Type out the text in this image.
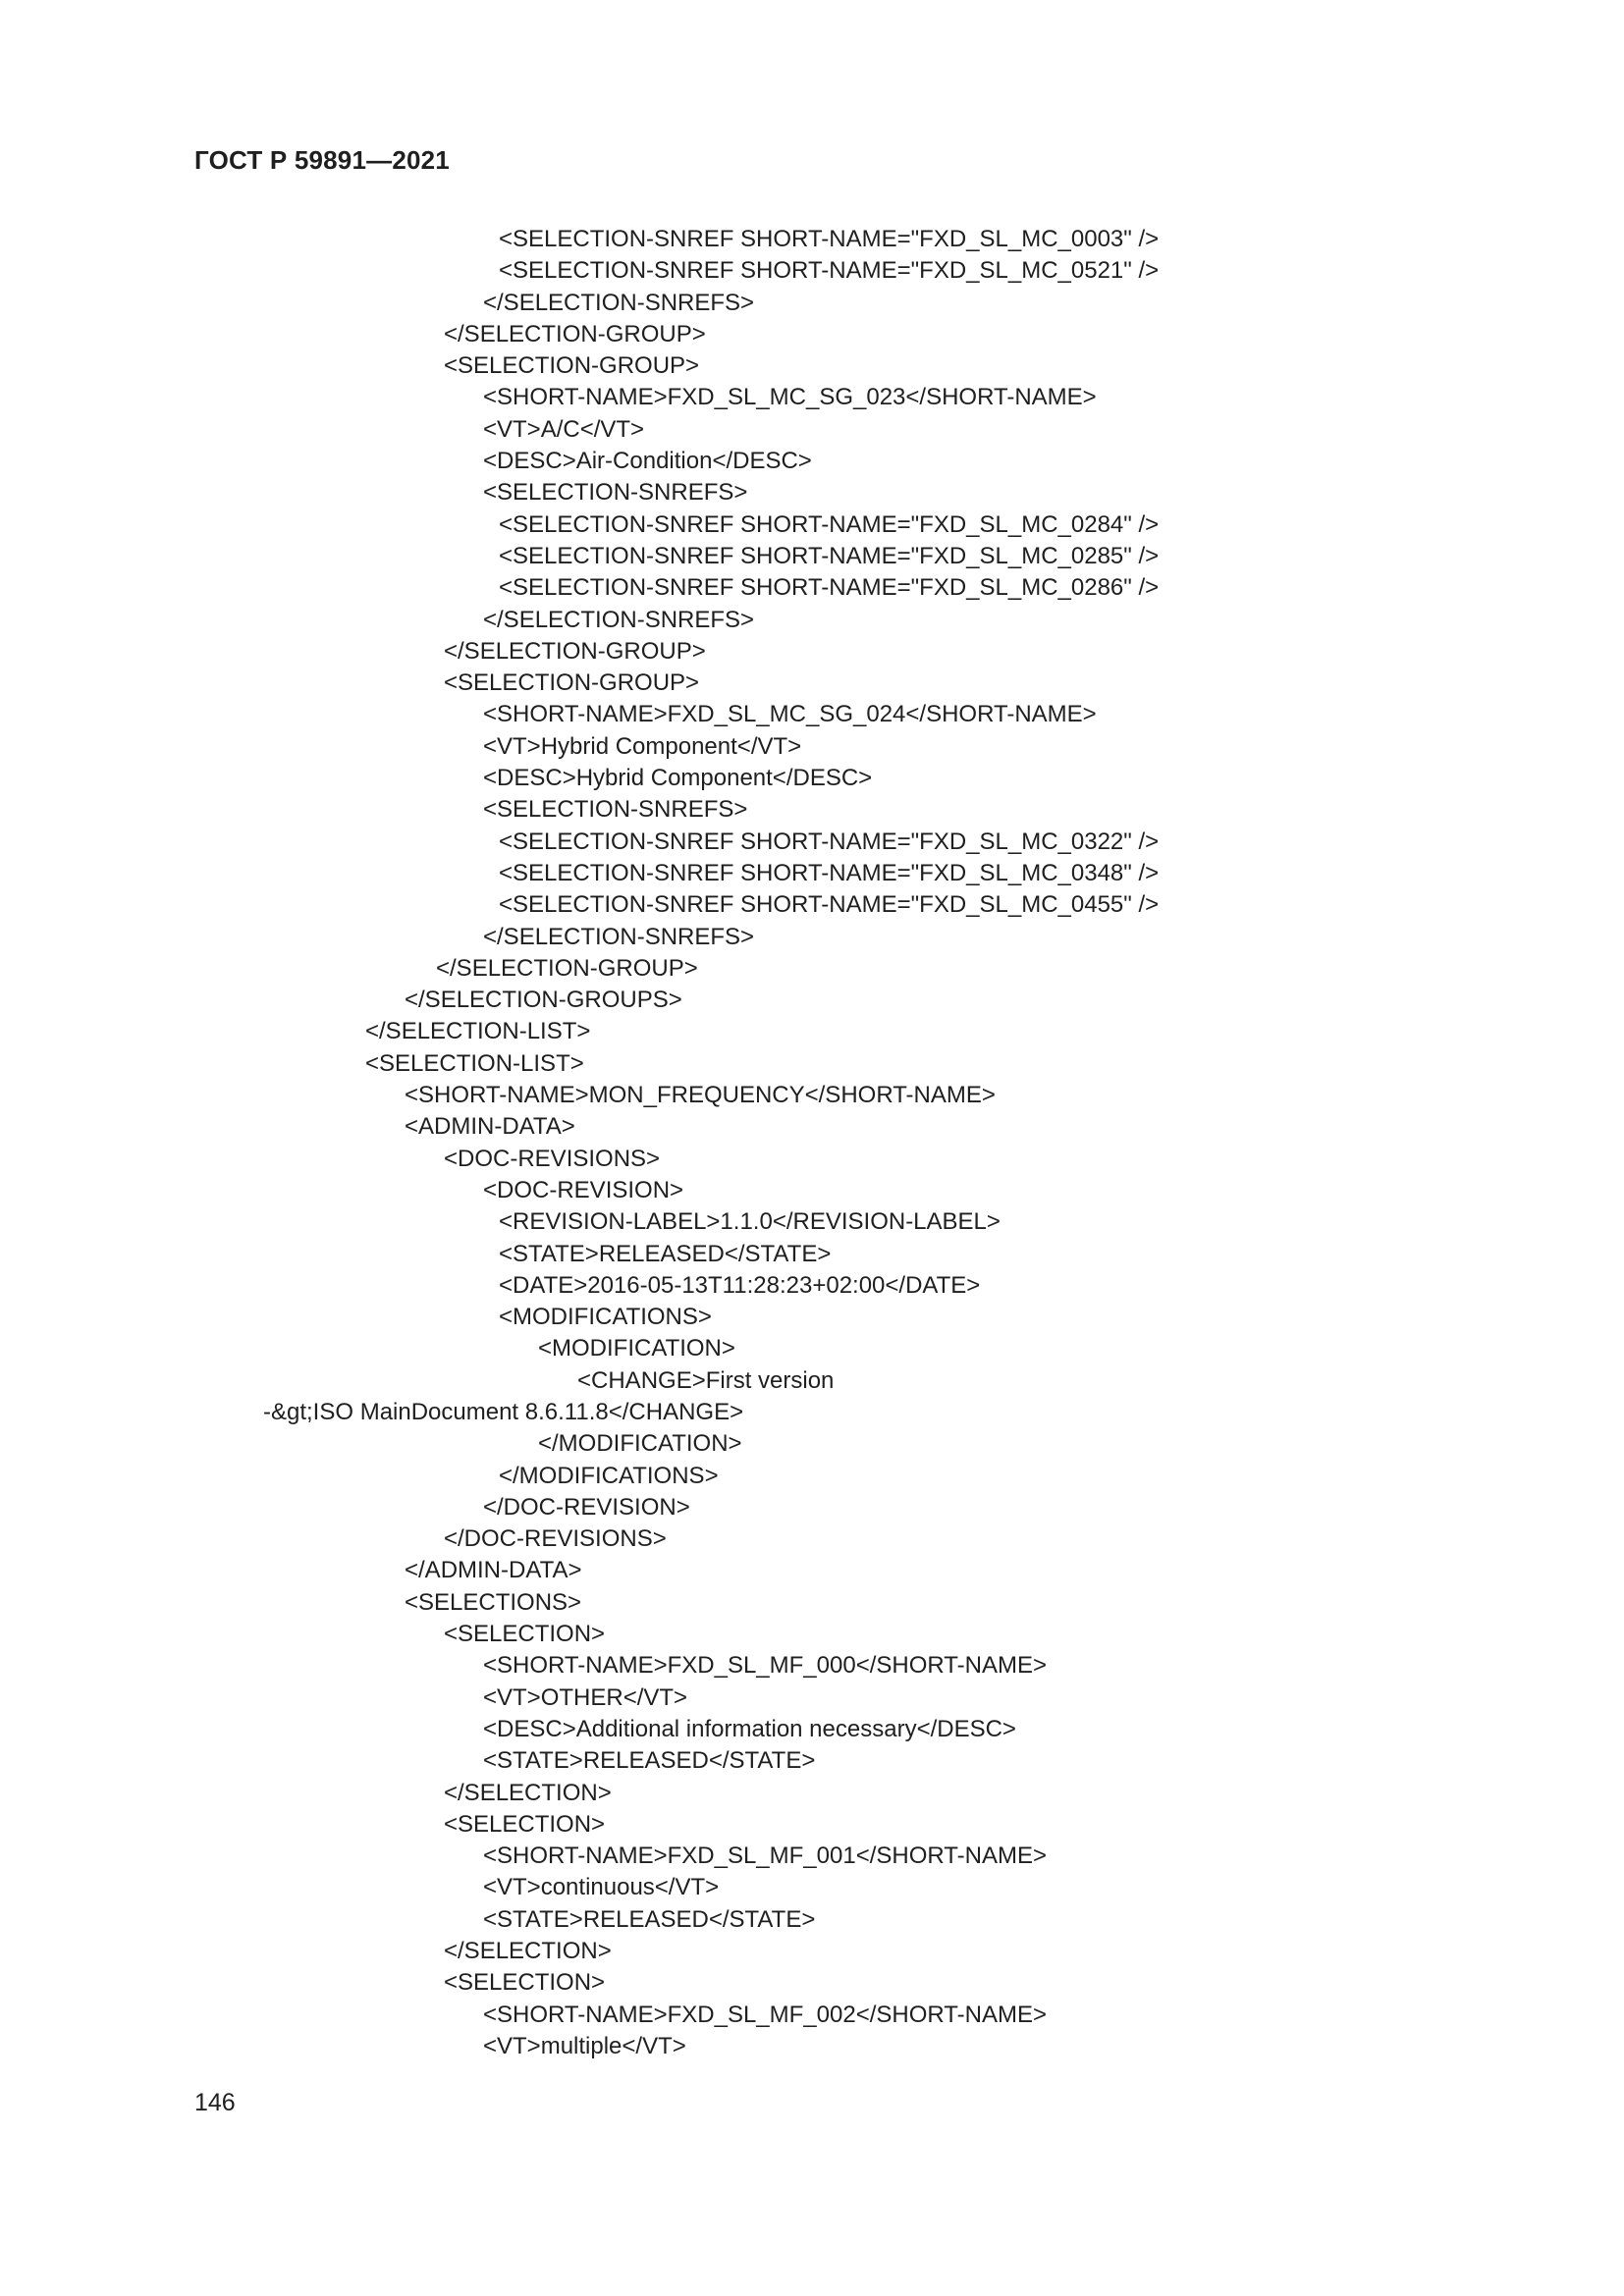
ГОСТ Р 59891—2021
<SELECTION-SNREF SHORT-NAME="FXD_SL_MC_0003" />
<SELECTION-SNREF SHORT-NAME="FXD_SL_MC_0521" />
</SELECTION-SNREFS>
</SELECTION-GROUP>
<SELECTION-GROUP>
<SHORT-NAME>FXD_SL_MC_SG_023</SHORT-NAME>
<VT>A/C</VT>
<DESC>Air-Condition</DESC>
<SELECTION-SNREFS>
<SELECTION-SNREF SHORT-NAME="FXD_SL_MC_0284" />
<SELECTION-SNREF SHORT-NAME="FXD_SL_MC_0285" />
<SELECTION-SNREF SHORT-NAME="FXD_SL_MC_0286" />
</SELECTION-SNREFS>
</SELECTION-GROUP>
<SELECTION-GROUP>
<SHORT-NAME>FXD_SL_MC_SG_024</SHORT-NAME>
<VT>Hybrid Component</VT>
<DESC>Hybrid Component</DESC>
<SELECTION-SNREFS>
<SELECTION-SNREF SHORT-NAME="FXD_SL_MC_0322" />
<SELECTION-SNREF SHORT-NAME="FXD_SL_MC_0348" />
<SELECTION-SNREF SHORT-NAME="FXD_SL_MC_0455" />
</SELECTION-SNREFS>
</SELECTION-GROUP>
</SELECTION-GROUPS>
</SELECTION-LIST>
<SELECTION-LIST>
<SHORT-NAME>MON_FREQUENCY</SHORT-NAME>
<ADMIN-DATA>
<DOC-REVISIONS>
<DOC-REVISION>
<REVISION-LABEL>1.1.0</REVISION-LABEL>
<STATE>RELEASED</STATE>
<DATE>2016-05-13T11:28:23+02:00</DATE>
<MODIFICATIONS>
<MODIFICATION>
<CHANGE>First version
-&gt;ISO MainDocument 8.6.11.8</CHANGE>
</MODIFICATION>
</MODIFICATIONS>
</DOC-REVISION>
</DOC-REVISIONS>
</ADMIN-DATA>
<SELECTIONS>
<SELECTION>
<SHORT-NAME>FXD_SL_MF_000</SHORT-NAME>
<VT>OTHER</VT>
<DESC>Additional information necessary</DESC>
<STATE>RELEASED</STATE>
</SELECTION>
<SELECTION>
<SHORT-NAME>FXD_SL_MF_001</SHORT-NAME>
<VT>continuous</VT>
<STATE>RELEASED</STATE>
</SELECTION>
<SELECTION>
<SHORT-NAME>FXD_SL_MF_002</SHORT-NAME>
<VT>multiple</VT>
146
